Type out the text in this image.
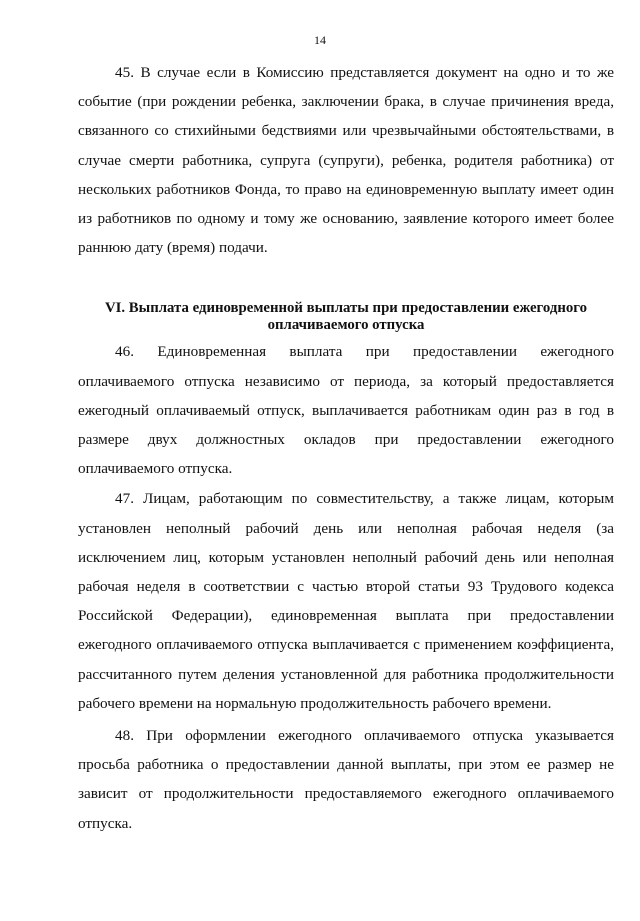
14

45. В случае если в Комиссию представляется документ на одно и то же событие (при рождении ребенка, заключении брака, в случае причинения вреда, связанного со стихийными бедствиями или чрезвычайными обстоятельствами, в случае смерти работника, супруга (супруги), ребенка, родителя работника) от нескольких работников Фонда, то право на единовременную выплату имеет один из работников по одному и тому же основанию, заявление которого имеет более раннюю дату (время) подачи.

VI. Выплата единовременной выплаты при предоставлении ежегодного
оплачиваемого отпуска

46. Единовременная выплата при предоставлении ежегодного оплачиваемого отпуска независимо от периода, за который предоставляется ежегодный оплачиваемый отпуск, выплачивается работникам один раз в год в размере двух должностных окладов при предоставлении ежегодного оплачиваемого отпуска.

47. Лицам, работающим по совместительству, а также лицам, которым установлен неполный рабочий день или неполная рабочая неделя (за исключением лиц, которым установлен неполный рабочий день или неполная рабочая неделя в соответствии с частью второй статьи 93 Трудового кодекса Российской Федерации), единовременная выплата при предоставлении ежегодного оплачиваемого отпуска выплачивается с применением коэффициента, рассчитанного путем деления установленной для работника продолжительности рабочего времени на нормальную продолжительность рабочего времени.

48. При оформлении ежегодного оплачиваемого отпуска указывается просьба работника о предоставлении данной выплаты, при этом ее размер не зависит от продолжительности предоставляемого ежегодного оплачиваемого отпуска.
